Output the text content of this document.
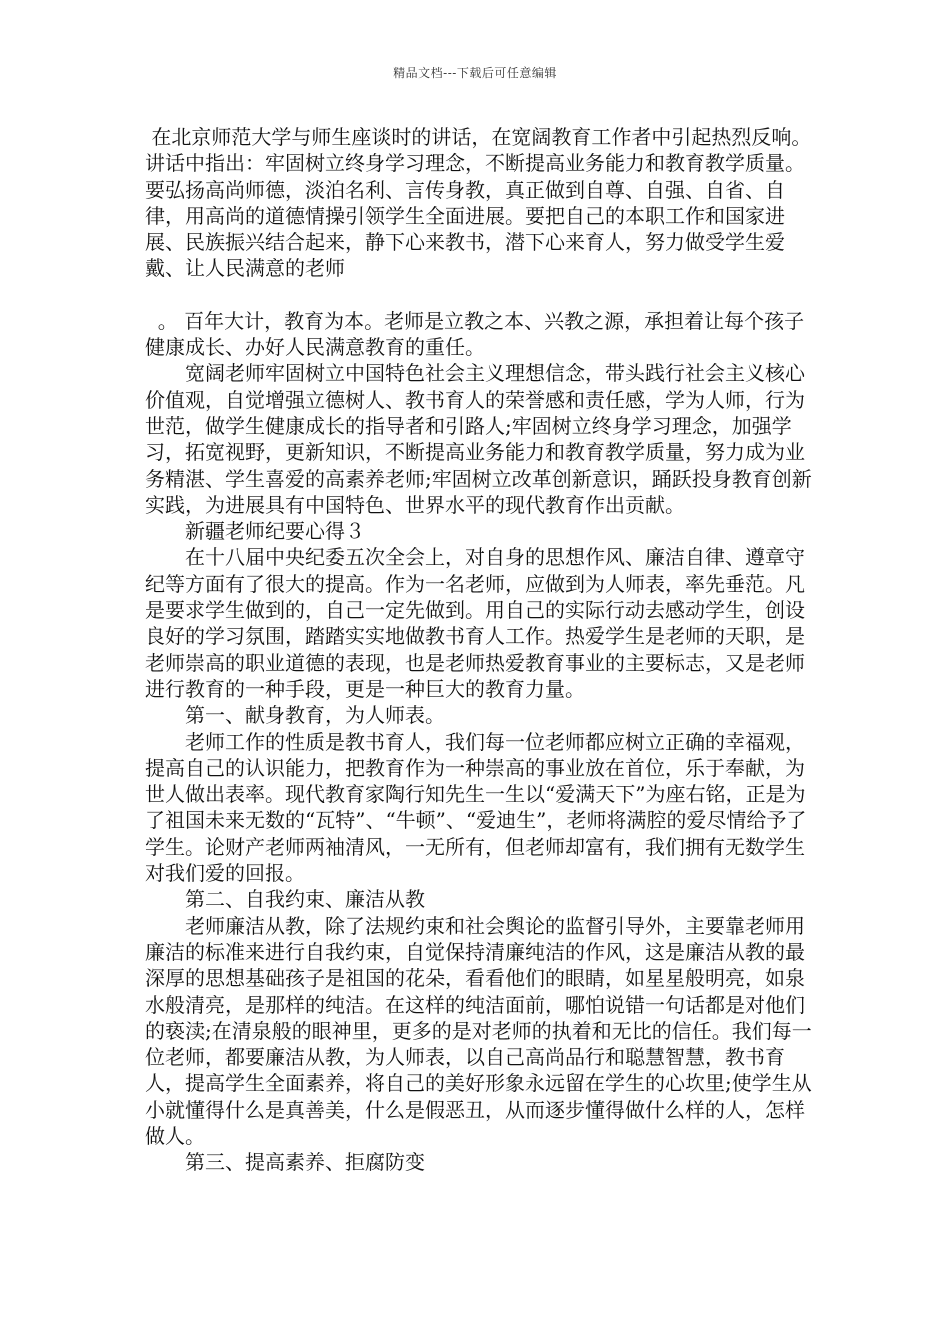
精品文档---下载后可任意编辑

在北京师范大学与师生座谈时的讲话，在宽阔教育工作者中引起热烈反响。讲话中指出：牢固树立终身学习理念，不断提高业务能力和教育教学质量。要弘扬高尚师德，淡泊名利、言传身教，真正做到自尊、自强、自省、自律，用高尚的道德情操引领学生全面进展。要把自己的本职工作和国家进展、民族振兴结合起来，静下心来教书，潜下心来育人，努力做受学生爱戴、让人民满意的老师

。 百年大计，教育为本。老师是立教之本、兴教之源，承担着让每个孩子健康成长、办好人民满意教育的重任。

　　宽阔老师牢固树立中国特色社会主义理想信念，带头践行社会主义核心价值观，自觉增强立德树人、教书育人的荣誉感和责任感，学为人师，行为世范，做学生健康成长的指导者和引路人;牢固树立终身学习理念，加强学习，拓宽视野，更新知识，不断提高业务能力和教育教学质量，努力成为业务精湛、学生喜爱的高素养老师;牢固树立改革创新意识，踊跃投身教育创新实践，为进展具有中国特色、世界水平的现代教育作出贡献。

　　新疆老师纪要心得３

　　在十八届中央纪委五次全会上，对自身的思想作风、廉洁自律、遵章守纪等方面有了很大的提高。作为一名老师，应做到为人师表，率先垂范。凡是要求学生做到的，自己一定先做到。用自己的实际行动去感动学生，创设良好的学习氛围，踏踏实实地做教书育人工作。热爱学生是老师的天职，是老师崇高的职业道德的表现，也是老师热爱教育事业的主要标志，又是老师进行教育的一种手段，更是一种巨大的教育力量。

　　第一、献身教育，为人师表。

　　老师工作的性质是教书育人，我们每一位老师都应树立正确的幸福观，提高自己的认识能力，把教育作为一种崇高的事业放在首位，乐于奉献，为世人做出表率。现代教育家陶行知先生一生以“爱满天下”为座右铭，正是为了祖国未来无数的“瓦特”、“牛顿”、“爱迪生”，老师将满腔的爱尽情给予了学生。论财产老师两袖清风，一无所有，但老师却富有，我们拥有无数学生对我们爱的回报。

　　第二、自我约束、廉洁从教

　　老师廉洁从教，除了法规约束和社会舆论的监督引导外，主要靠老师用廉洁的标准来进行自我约束，自觉保持清廉纯洁的作风，这是廉洁从教的最深厚的思想基础孩子是祖国的花朵，看看他们的眼睛，如星星般明亮，如泉水般清亮，是那样的纯洁。在这样的纯洁面前，哪怕说错一句话都是对他们的亵渎;在清泉般的眼神里，更多的是对老师的执着和无比的信任。我们每一位老师，都要廉洁从教，为人师表，以自己高尚品行和聪慧智慧，教书育人，提高学生全面素养，将自己的美好形象永远留在学生的心坎里;使学生从小就懂得什么是真善美，什么是假恶丑，从而逐步懂得做什么样的人，怎样做人。

　　第三、提高素养、拒腐防变
